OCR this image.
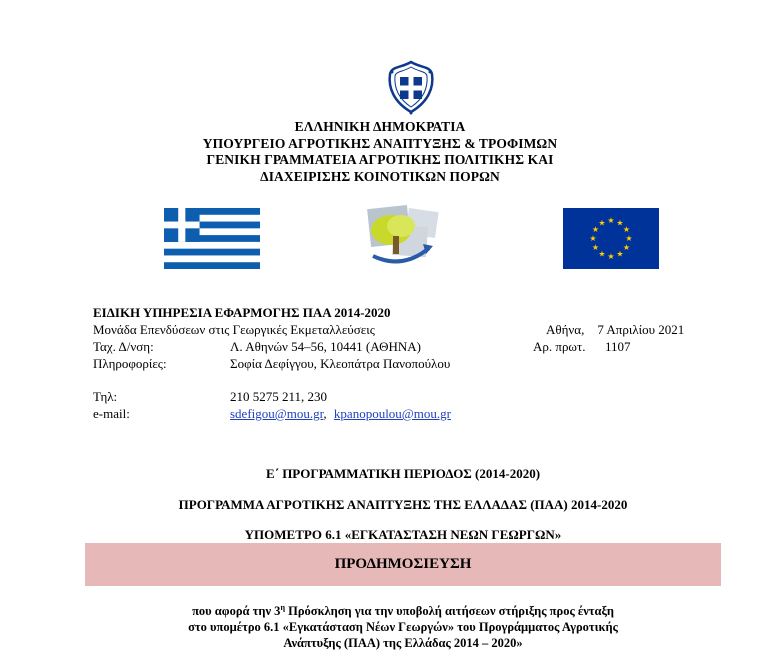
ΕΛΛΗΝΙΚΗ ΔΗΜΟΚΡΑΤΙΑ
ΥΠΟΥΡΓΕΙΟ ΑΓΡΟΤΙΚΗΣ ΑΝΑΠΤΥΞΗΣ & ΤΡΟΦΙΜΩΝ
ΓΕΝΙΚΗ ΓΡΑΜΜΑΤΕΙΑ ΑΓΡΟΤΙΚΗΣ ΠΟΛΙΤΙΚΗΣ ΚΑΙ
ΔΙΑΧΕΙΡΙΣΗΣ ΚΟΙΝΟΤΙΚΩΝ ΠΟΡΩΝ
★ ★
★
★
★
★
★
★
★
★
★
★
ΕΙΔΙΚΗ ΥΠΗΡΕΣΙΑ ΕΦΑΡΜΟΓΗΣ ΠΑΑ 2014-2020
Μονάδα Επενδύσεων στις Γεωργικές Εκμεταλλεύσεις
Ταχ. Δ/νση:	Λ. Αθηνών 54–56, 10441 (ΑΘΗΝΑ)
Πληροφορίες:	Σοφία Δεφίγγου, Κλεοπάτρα Πανοπούλου
Τηλ:	210 5275 211, 230
e-mail:	sdefigou@mou.gr, kpanopoulou@mou.gr
Αθήνα,    7 Απριλίου 2021
Αρ. πρωτ. 1107
Ε΄ ΠΡΟΓΡΑΜΜΑΤΙΚΗ ΠΕΡΙΟΔΟΣ (2014-2020)
ΠΡΟΓΡΑΜΜΑ ΑΓΡΟΤΙΚΗΣ ΑΝΑΠΤΥΞΗΣ ΤΗΣ ΕΛΛΑΔΑΣ (ΠΑΑ) 2014-2020
ΥΠΟΜΕΤΡΟ 6.1 «ΕΓΚΑΤΑΣΤΑΣΗ ΝΕΩΝ ΓΕΩΡΓΩΝ»
ΠΡΟΔΗΜΟΣΙΕΥΣΗ
που αφορά την $3^\eta$ Πρόσκληση για την υποβολή αιτήσεων στήριξης προς ένταξη
στο υπομέτρο 6.1 «Εγκατάσταση Νέων Γεωργών» του Προγράμματος Αγροτικής
Ανάπτυξης (ΠΑΑ) της Ελλάδας 2014 – 2020»
